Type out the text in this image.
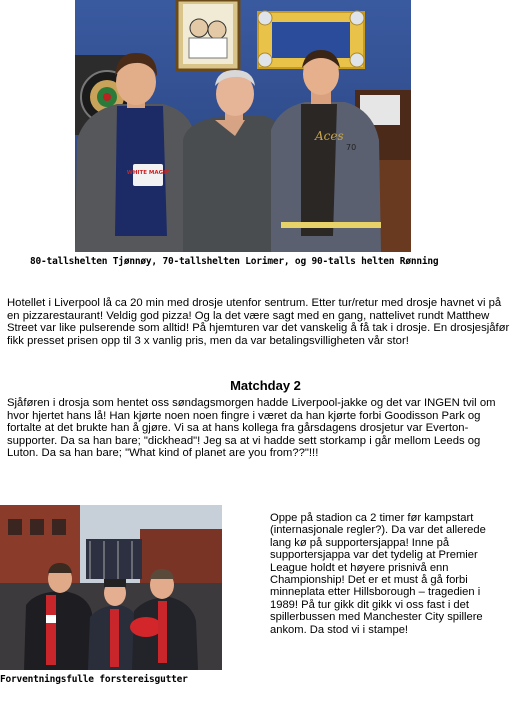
WHITE MAGIC
Aces
70
80-tallshelten Tjønnøy, 70-tallshelten Lorimer, og 90-talls helten Rønning

Hotellet i Liverpool lå ca 20 min med drosje utenfor sentrum. Etter tur/retur med drosje havnet vi på en pizzarestaurant! Veldig god pizza! Og la det være sagt med en gang, nattelivet rundt Matthew Street var like pulserende som alltid! På hjemturen var det vanskelig å få tak i drosje. En drosjesjåfør fikk presset prisen opp til 3 x vanlig pris, men da var betalingsvilligheten vår stor!

Matchday 2

Sjåføren i drosja som hentet oss søndagsmorgen hadde Liverpool-jakke og det var INGEN tvil om hvor hjertet hans lå! Han kjørte noen noen fingre i været da han kjørte forbi Goodisson Park og fortalte at det brukte han å gjøre. Vi sa at hans kollega fra gårsdagens drosjetur var Everton-supporter. Da sa han bare; "dickhead"! Jeg sa at vi hadde sett storkamp i går mellom Leeds og Luton. Da sa han bare; "What kind of planet are you from??"!!!

Forventningsfulle forstereisgutter

Oppe på stadion ca 2 timer før kampstart (internasjonale regler?). Da var det allerede lang kø på supportersjappa! Inne på supportersjappa var det tydelig at Premier League holdt et høyere prisnivå enn Championship! Det er et must å gå forbi minneplata etter Hillsborough – tragedien i 1989! På tur gikk dit gikk vi oss fast i det spillerbussen med Manchester City spillere ankom. Da stod vi i stampe!
